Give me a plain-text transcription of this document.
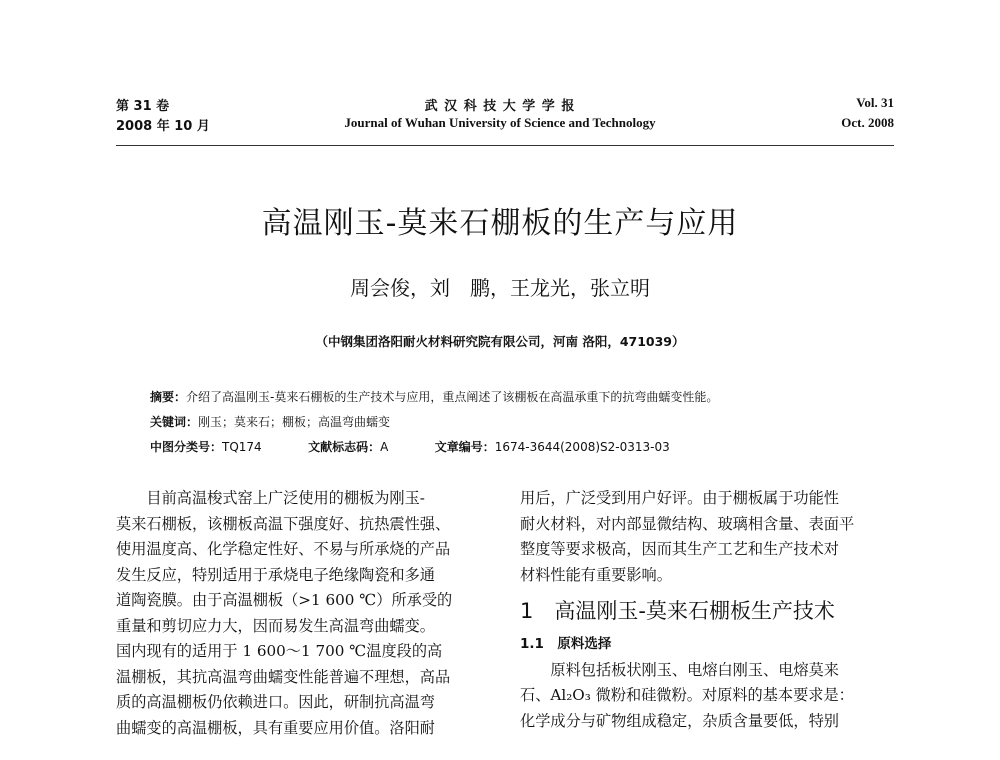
第 31 卷
2008 年 10 月
武 汉 科 技 大 学 学 报
Journal of Wuhan University of Science and Technology
Vol. 31
Oct. 2008
高温刚玉-莫来石棚板的生产与应用
周会俊，刘　鹏，王龙光，张立明
（中钢集团洛阳耐火材料研究院有限公司，河南 洛阳，471039）
摘要：介绍了高温刚玉-莫来石棚板的生产技术与应用，重点阐述了该棚板在高温承重下的抗弯曲蠕变性能。
关键词：刚玉；莫来石；棚板；高温弯曲蠕变
中图分类号：TQ174	文献标志码：A	文章编号：1674-3644(2008)S2-0313-03

　　目前高温梭式窑上广泛使用的棚板为刚玉-

莫来石棚板，该棚板高温下强度好、抗热震性强、

使用温度高、化学稳定性好、不易与所承烧的产品

发生反应，特别适用于承烧电子绝缘陶瓷和多通

道陶瓷膜。由于高温棚板（>1 600 ℃）所承受的

重量和剪切应力大，因而易发生高温弯曲蠕变。

国内现有的适用于 1 600～1 700 ℃温度段的高

温棚板，其抗高温弯曲蠕变性能普遍不理想，高品

质的高温棚板仍依赖进口。因此，研制抗高温弯

曲蠕变的高温棚板，具有重要应用价值。洛阳耐

用后，广泛受到用户好评。由于棚板属于功能性

耐火材料，对内部显微结构、玻璃相含量、表面平

整度等要求极高，因而其生产工艺和生产技术对

材料性能有重要影响。

1　高温刚玉-莫来石棚板生产技术

1.1　原料选择

　　原料包括板状刚玉、电熔白刚玉、电熔莫来

石、Al₂O₃ 微粉和硅微粉。对原料的基本要求是：

化学成分与矿物组成稳定，杂质含量要低，特别
